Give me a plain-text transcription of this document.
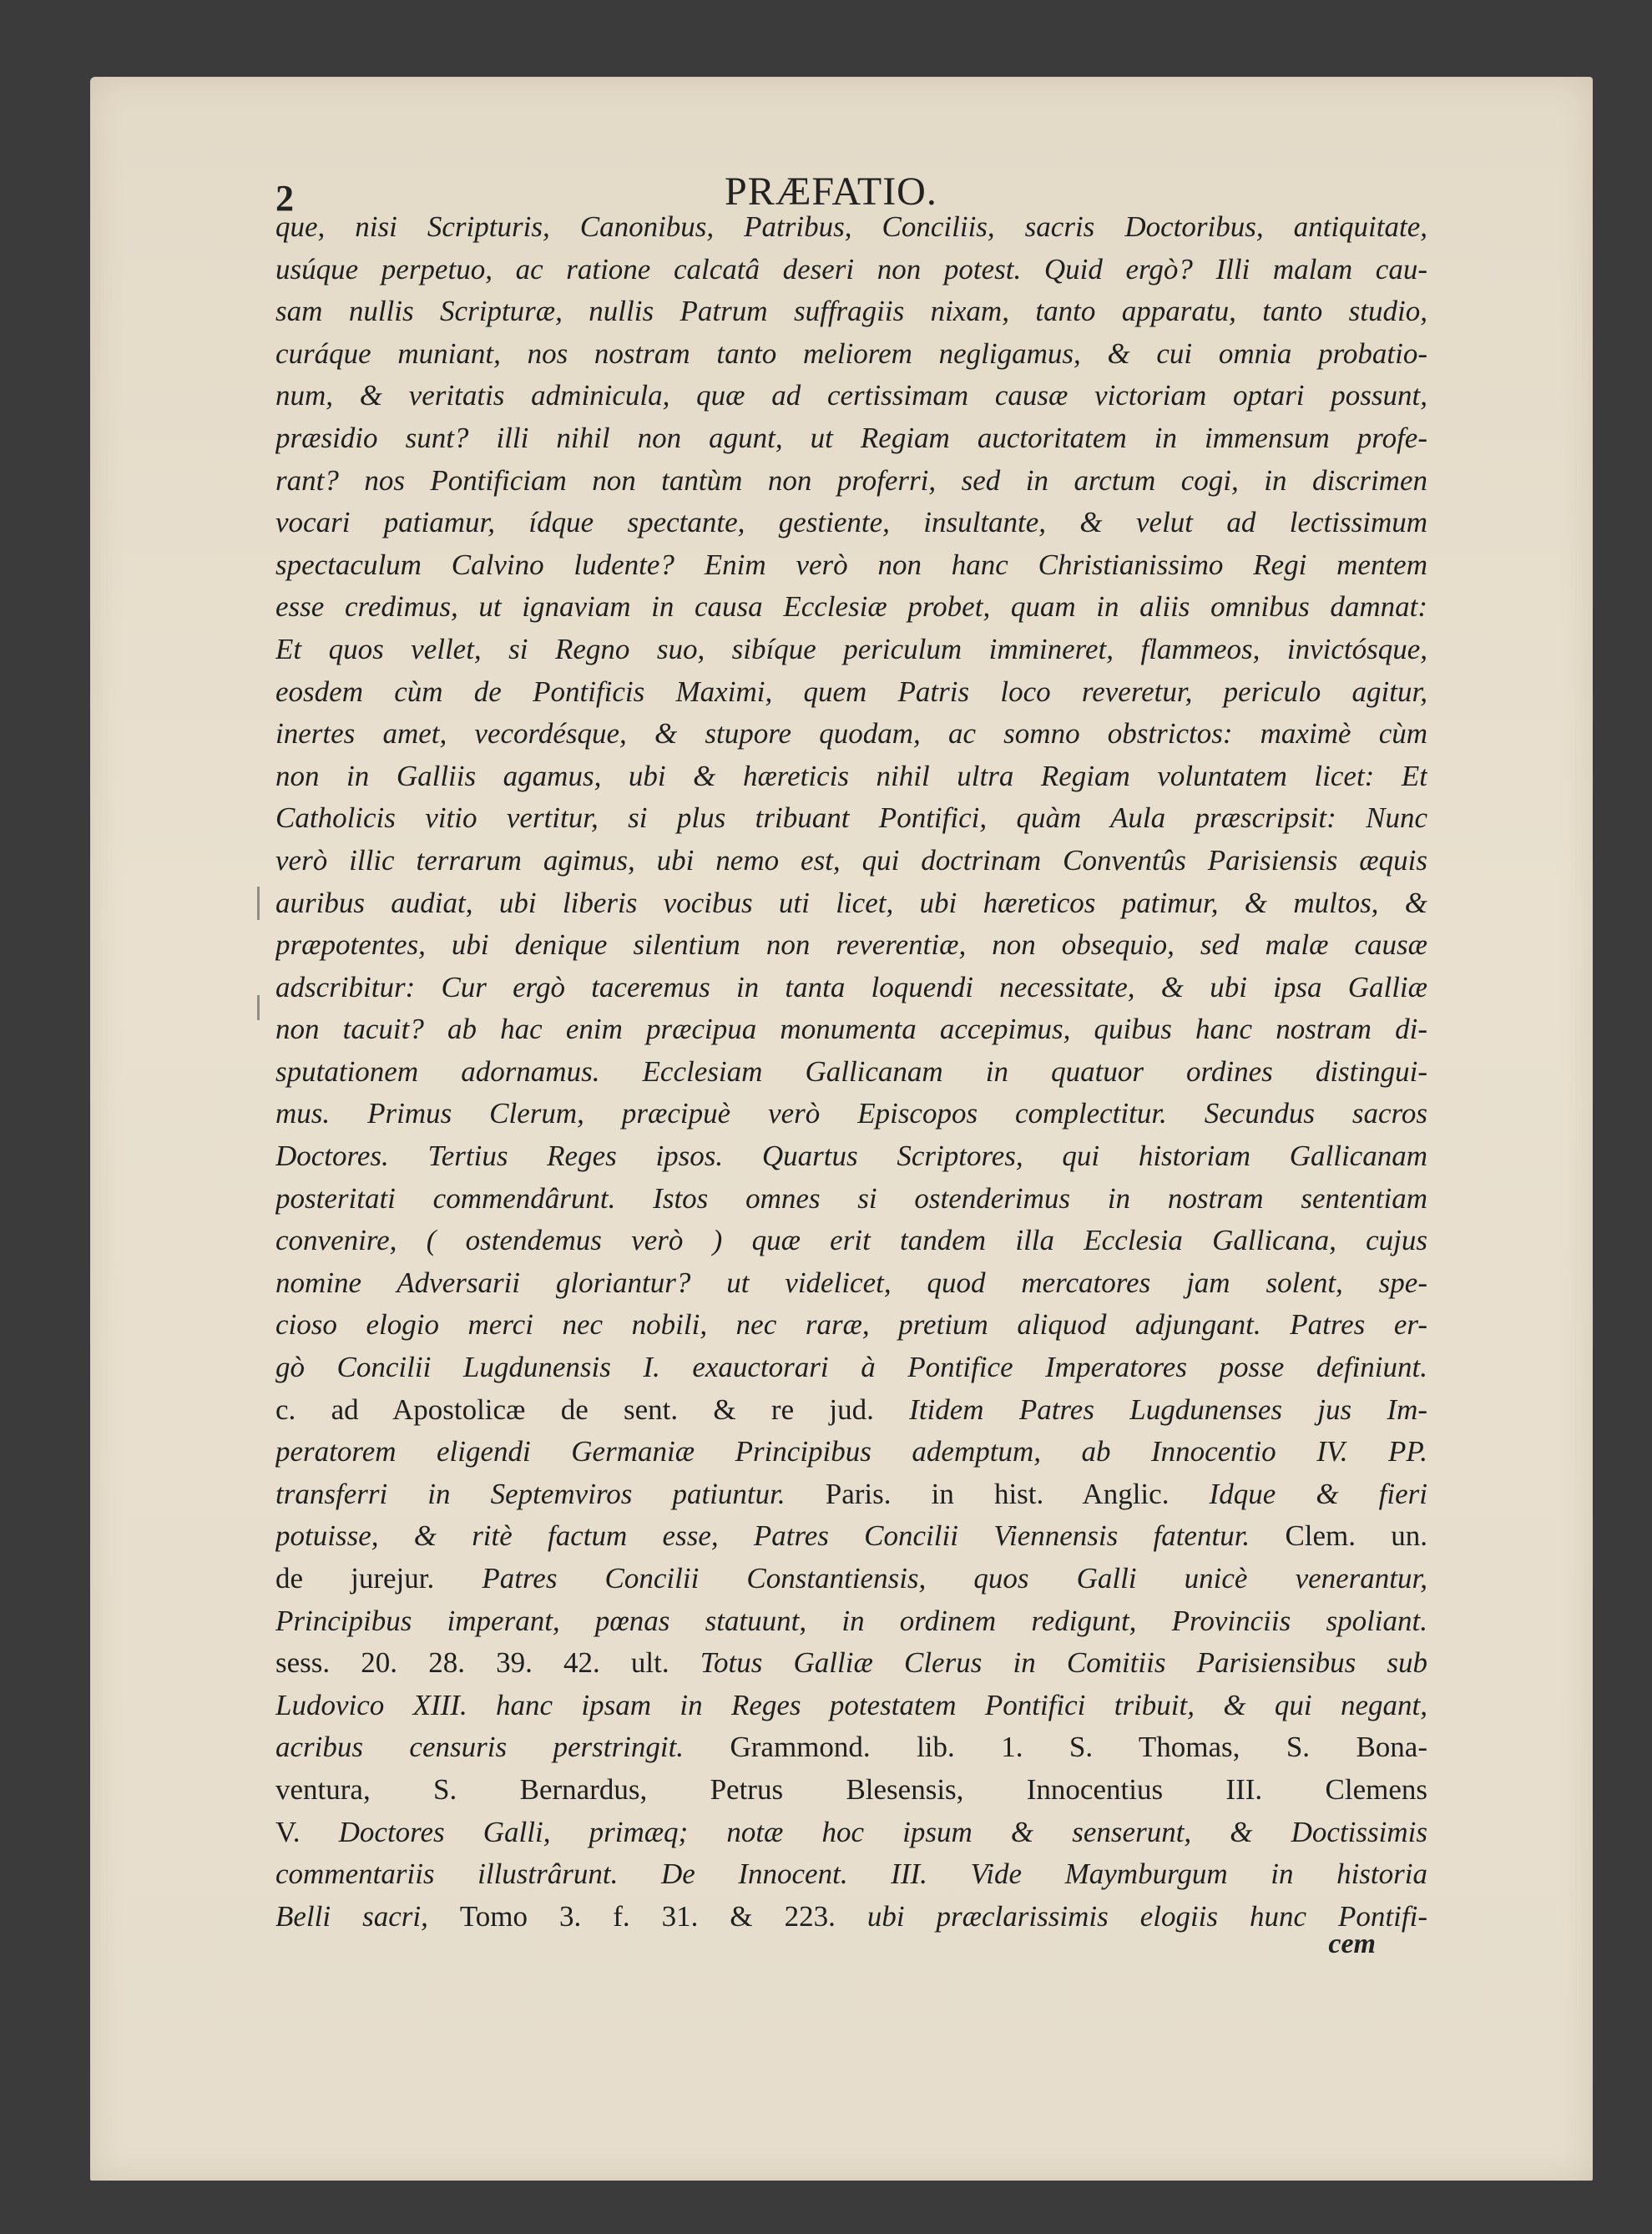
2	PRÆFATIO.
que, nisi Scripturis, Canonibus, Patribus, Conciliis, sacris Doctoribus, antiquitate,
usúque perpetuo, ac ratione calcatâ deseri non potest. Quid ergò? Illi malam cau-
sam nullis Scripturæ, nullis Patrum suffragiis nixam, tanto apparatu, tanto studio,
curáque muniant, nos nostram tanto meliorem negligamus, & cui omnia probatio-
num, & veritatis adminicula, quæ ad certissimam causæ victoriam optari possunt,
præsidio sunt? illi nihil non agunt, ut Regiam auctoritatem in immensum profe-
rant? nos Pontificiam non tantùm non proferri, sed in arctum cogi, in discrimen
vocari patiamur, ídque spectante, gestiente, insultante, & velut ad lectissimum
spectaculum Calvino ludente? Enim verò non hanc Christianissimo Regi mentem
esse credimus, ut ignaviam in causa Ecclesiæ probet, quam in aliis omnibus damnat:
Et quos vellet, si Regno suo, sibíque periculum immineret, flammeos, invictósque,
eosdem cùm de Pontificis Maximi, quem Patris loco reveretur, periculo agitur,
inertes amet, vecordésque, & stupore quodam, ac somno obstrictos: maximè cùm
non in Galliis agamus, ubi & hæreticis nihil ultra Regiam voluntatem licet: Et
Catholicis vitio vertitur, si plus tribuant Pontifici, quàm Aula præscripsit: Nunc
verò illic terrarum agimus, ubi nemo est, qui doctrinam Conventûs Parisiensis æquis
auribus audiat, ubi liberis vocibus uti licet, ubi hæreticos patimur, & multos, &
præpotentes, ubi denique silentium non reverentiæ, non obsequio, sed malæ causæ
adscribitur: Cur ergò taceremus in tanta loquendi necessitate, & ubi ipsa Galliæ
non tacuit? ab hac enim præcipua monumenta accepimus, quibus hanc nostram di-
sputationem adornamus. Ecclesiam Gallicanam in quatuor ordines distingui-
mus. Primus Clerum, præcipuè verò Episcopos complectitur. Secundus sacros
Doctores. Tertius Reges ipsos. Quartus Scriptores, qui historiam Gallicanam
posteritati commendârunt. Istos omnes si ostenderimus in nostram sententiam
convenire, ( ostendemus verò ) quæ erit tandem illa Ecclesia Gallicana, cujus
nomine Adversarii gloriantur? ut videlicet, quod mercatores jam solent, spe-
cioso elogio merci nec nobili, nec raræ, pretium aliquod adjungant. Patres er-
gò Concilii Lugdunensis I. exauctorari à Pontifice Imperatores posse definiunt.
c. ad Apostolicæ de sent. & re jud. Itidem Patres Lugdunenses jus Im-
peratorem eligendi Germaniæ Principibus ademptum, ab Innocentio IV. PP.
transferri in Septemviros patiuntur. Paris. in hist. Anglic. Idque & fieri
potuisse, & ritè factum esse, Patres Concilii Viennensis fatentur. Clem. un.
de jurejur. Patres Concilii Constantiensis, quos Galli unicè venerantur,
Principibus imperant, pœnas statuunt, in ordinem redigunt, Provinciis spoliant.
sess. 20. 28. 39. 42. ult. Totus Galliæ Clerus in Comitiis Parisiensibus sub
Ludovico XIII. hanc ipsam in Reges potestatem Pontifici tribuit, & qui negant,
acribus censuris perstringit. Grammond. lib. 1. S. Thomas, S. Bona-
ventura, S. Bernardus, Petrus Blesensis, Innocentius III. Clemens
V. Doctores Galli, primæq; notæ hoc ipsum & senserunt, & Doctissimis
commentariis illustrârunt. De Innocent. III. Vide Maymburgum in historia
Belli sacri, Tomo 3. f. 31. & 223. ubi præclarissimis elogiis hunc Pontifi-
cem
